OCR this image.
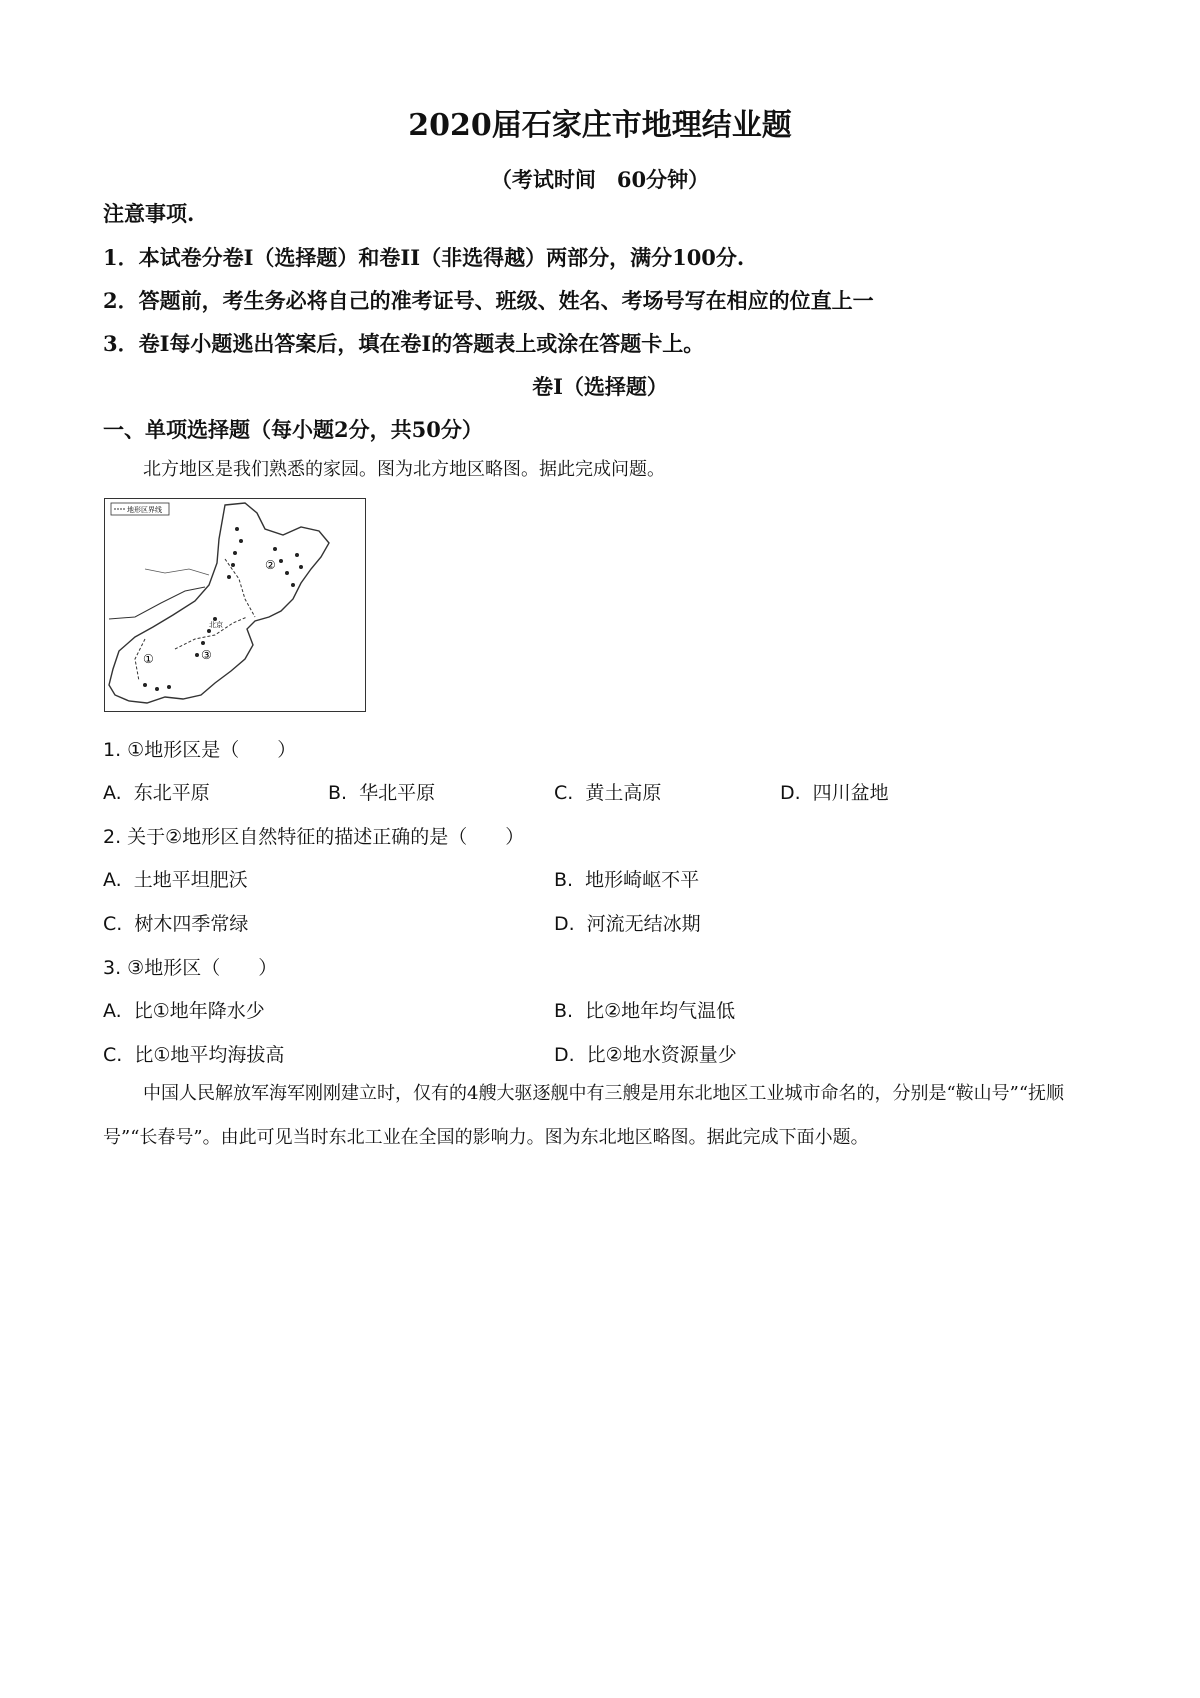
2020届石家庄市地理结业题
（考试时间　60分钟）
注意事项.
1．本试卷分卷Ⅰ（选择题）和卷II（非选得越）两部分，满分100分.
2．答题前，考生务必将自己的准考证号、班级、姓名、考场号写在相应的位直上一
3．卷Ⅰ每小题逃出答案后，填在卷Ⅰ的答题表上或涂在答题卡上。
卷Ⅰ（选择题）
一、单项选择题（每小题2分，共50分）
北方地区是我们熟悉的家园。图为北方地区略图。据此完成问题。
②
①	③
北京
地形区界线
1. ①地形区是（　　）
A. 东北平原	B. 华北平原	C. 黄土高原	D. 四川盆地
2. 关于②地形区自然特征的描述正确的是（　　）
A. 土地平坦肥沃	B. 地形崎岖不平
C. 树木四季常绿	D. 河流无结冰期
3. ③地形区（　　）
A. 比①地年降水少	B. 比②地年均气温低
C. 比①地平均海拔高	D. 比②地水资源量少
中国人民解放军海军刚刚建立时，仅有的4艘大驱逐舰中有三艘是用东北地区工业城市命名的，分别是“鞍山号”“抚顺号”“长春号”。由此可见当时东北工业在全国的影响力。图为东北地区略图。据此完成下面小题。
